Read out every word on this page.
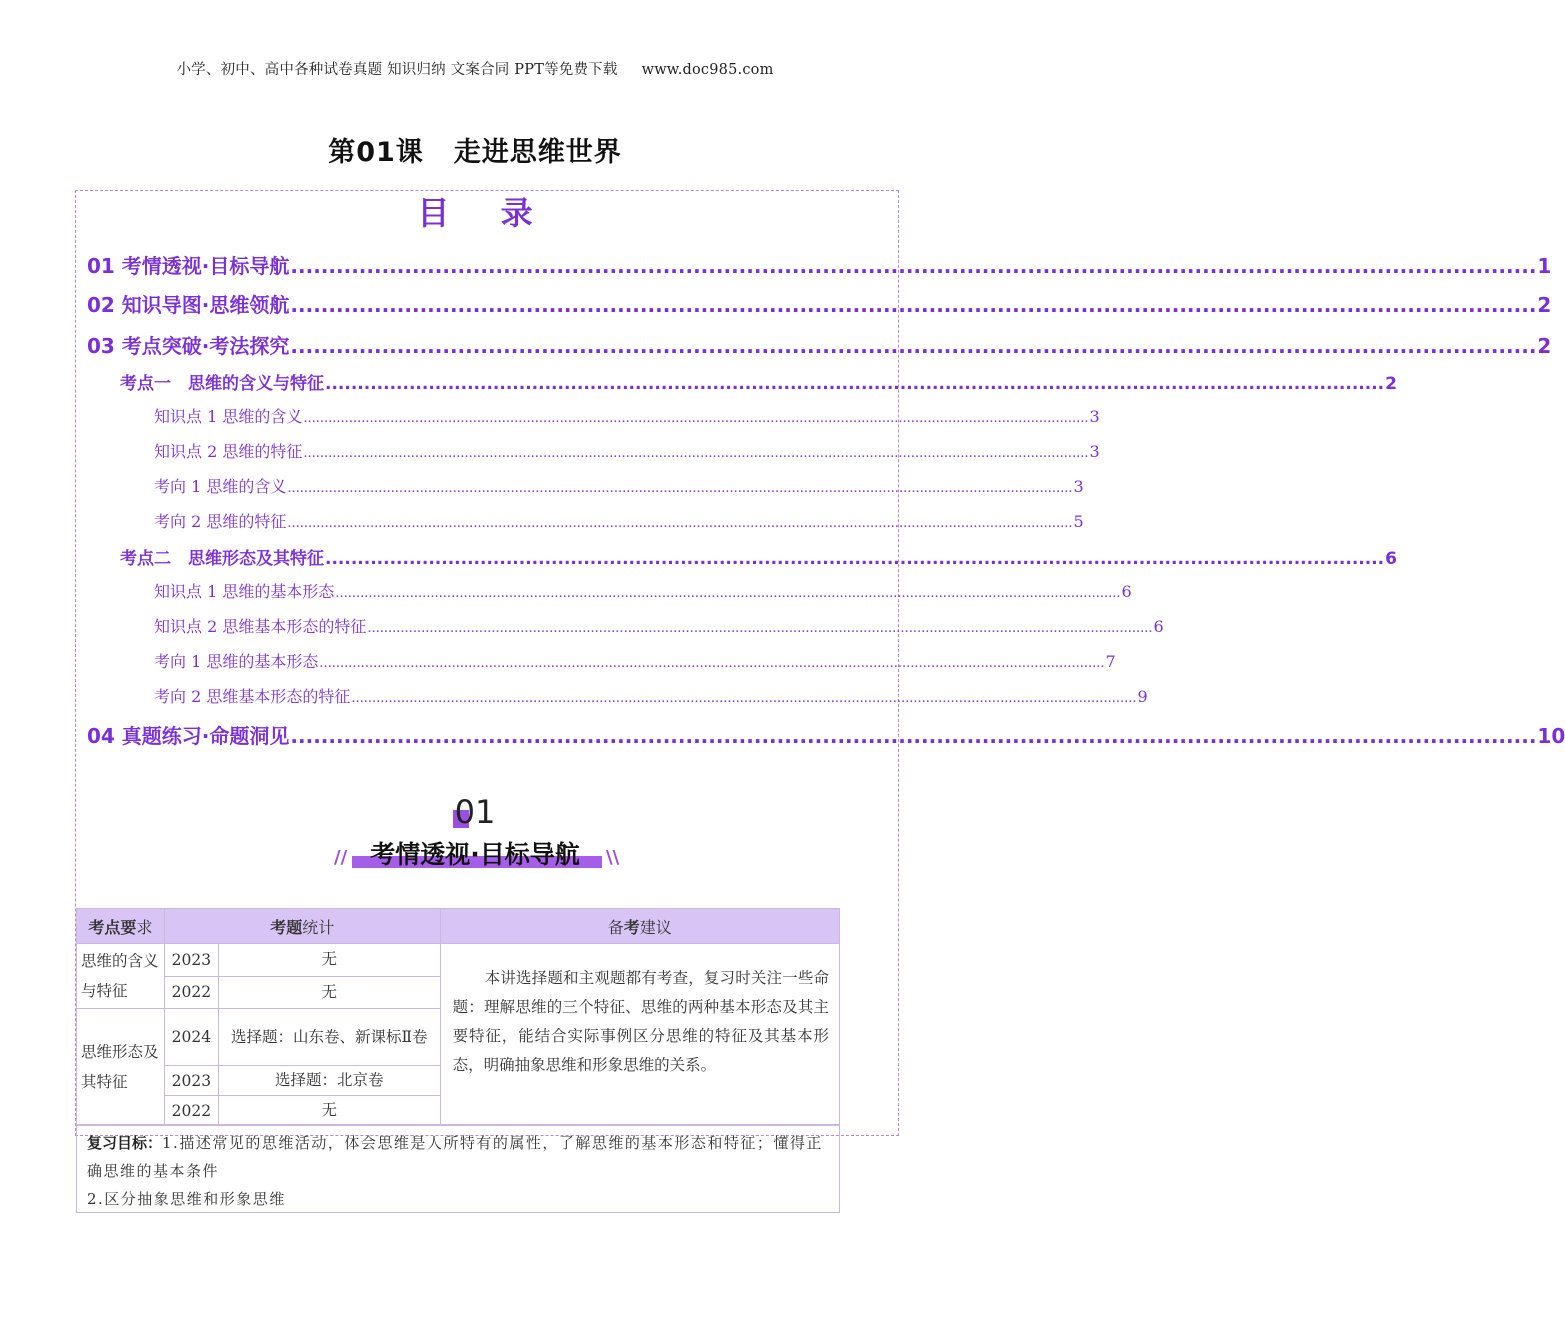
小学、初中、高中各种试卷真题 知识归纳 文案合同 PPT等免费下载 www.doc985.com
第01课 走进思维世界
目 录
01 考情透视·目标导航 .................................................................................................................................................................... 1
02 知识导图·思维领航 .................................................................................................................................................................... 2
03 考点突破·考法探究 .................................................................................................................................................................... 2
考点一　思维的含义与特征 .................................................................................................................................................................... 2
知识点 1 思维的含义 .............................................................................................................................................................................................. 3
知识点 2 思维的特征 .............................................................................................................................................................................................. 3
考向 1 思维的含义 .............................................................................................................................................................................................. 3
考向 2 思维的特征 .............................................................................................................................................................................................. 5
考点二　思维形态及其特征 .................................................................................................................................................................... 6
知识点 1 思维的基本形态 .............................................................................................................................................................................................. 6
知识点 2 思维基本形态的特征 .............................................................................................................................................................................................. 6
考向 1 思维的基本形态 .............................................................................................................................................................................................. 7
考向 2 思维基本形态的特征 .............................................................................................................................................................................................. 9
04 真题练习·命题洞见 .................................................................................................................................................................... 10
01
//	\\
考情透视·目标导航
考点要求	考题统计		备考建议
思维的含义与特征	2023	无	本讲选择题和主观题都有考查，复习时关注一些命题：理解思维的三个特征、思维的两种基本形态及其主要特征，能结合实际事例区分思维的特征及其基本形态，明确抽象思维和形象思维的关系。
	2022	无	
思维形态及其特征	2024	选择题：山东卷、新课标Ⅱ卷	
	2023	选择题：北京卷	
	2022	无	
复习目标：1.描述常见的思维活动，体会思维是人所特有的属性，了解思维的基本形态和特征；懂得正确思维的基本条件
2.区分抽象思维和形象思维
